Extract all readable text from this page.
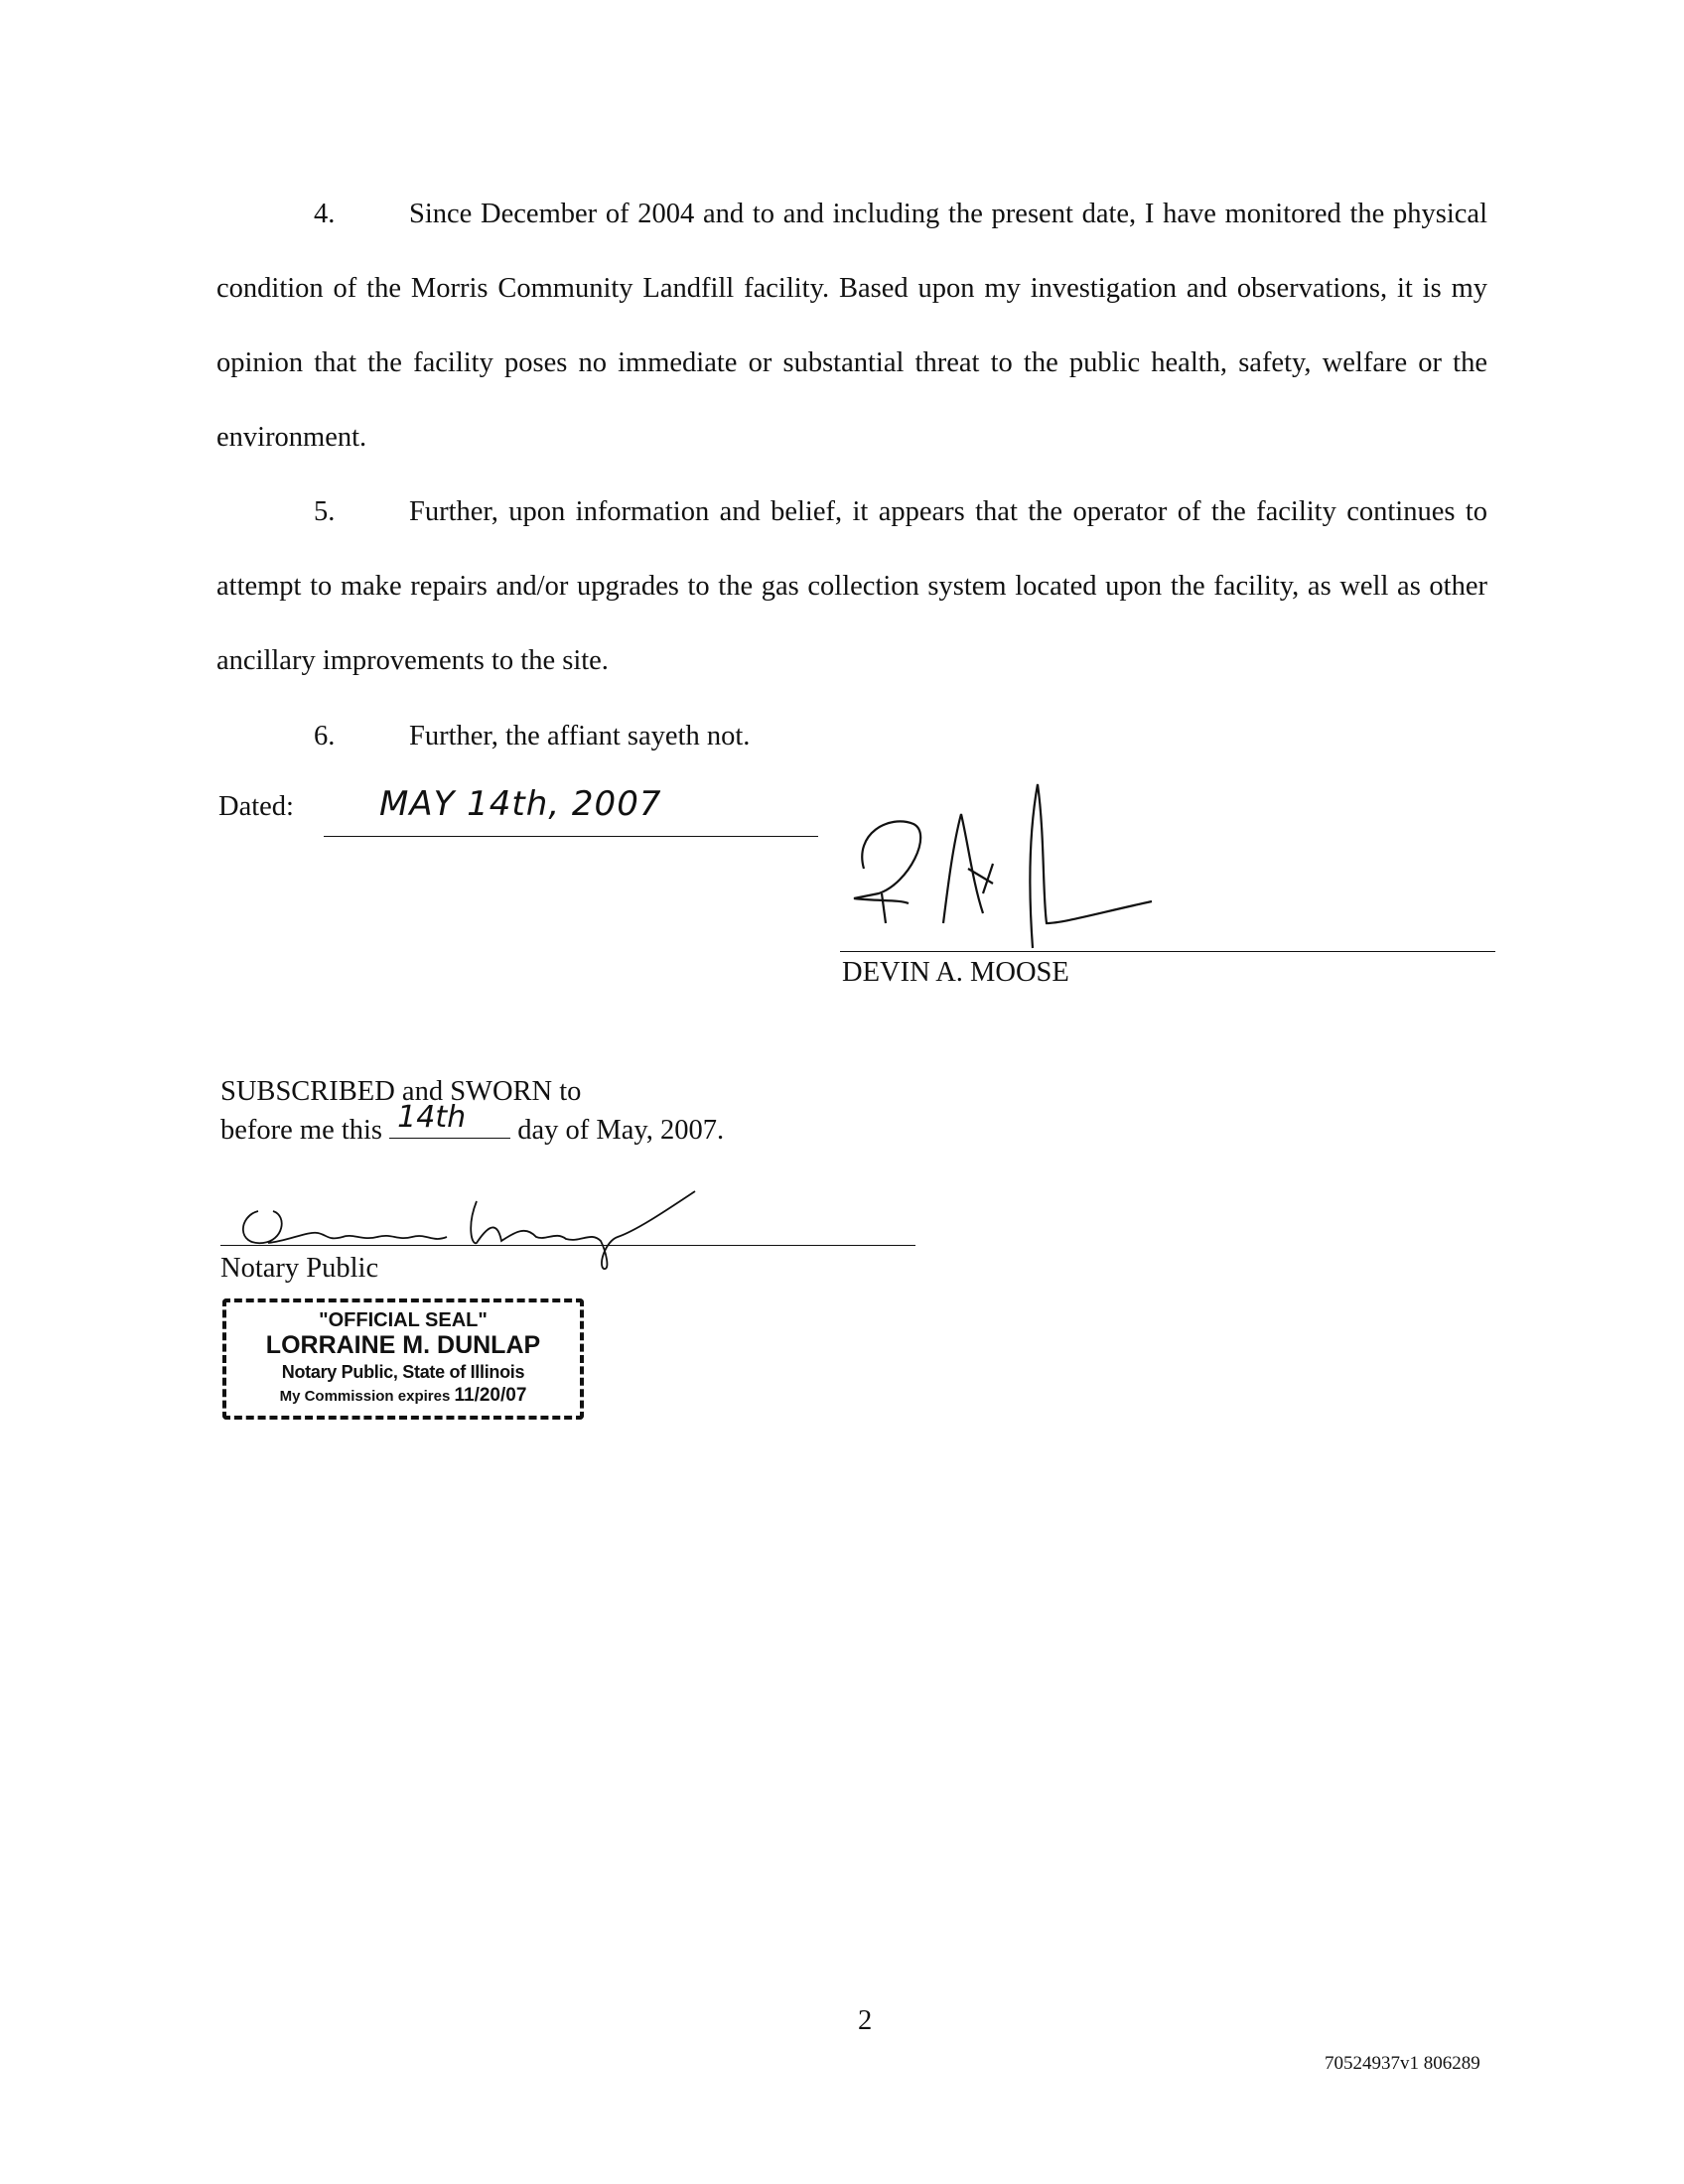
4.	Since December of 2004 and to and including the present date, I have monitored the physical condition of the Morris Community Landfill facility. Based upon my investigation and observations, it is my opinion that the facility poses no immediate or substantial threat to the public health, safety, welfare or the environment.

5.	Further, upon information and belief, it appears that the operator of the facility continues to attempt to make repairs and/or upgrades to the gas collection system located upon the facility, as well as other ancillary improvements to the site.

6.	Further, the affiant sayeth not.

Dated:	MAY 14th, 2007
DEVIN A. MOOSE
SUBSCRIBED and SWORN to
before me this 14th day of May, 2007.
Notary Public
"OFFICIAL SEAL"
LORRAINE M. DUNLAP
Notary Public, State of Illinois
My Commission expires 11/20/07
2
70524937v1 806289
